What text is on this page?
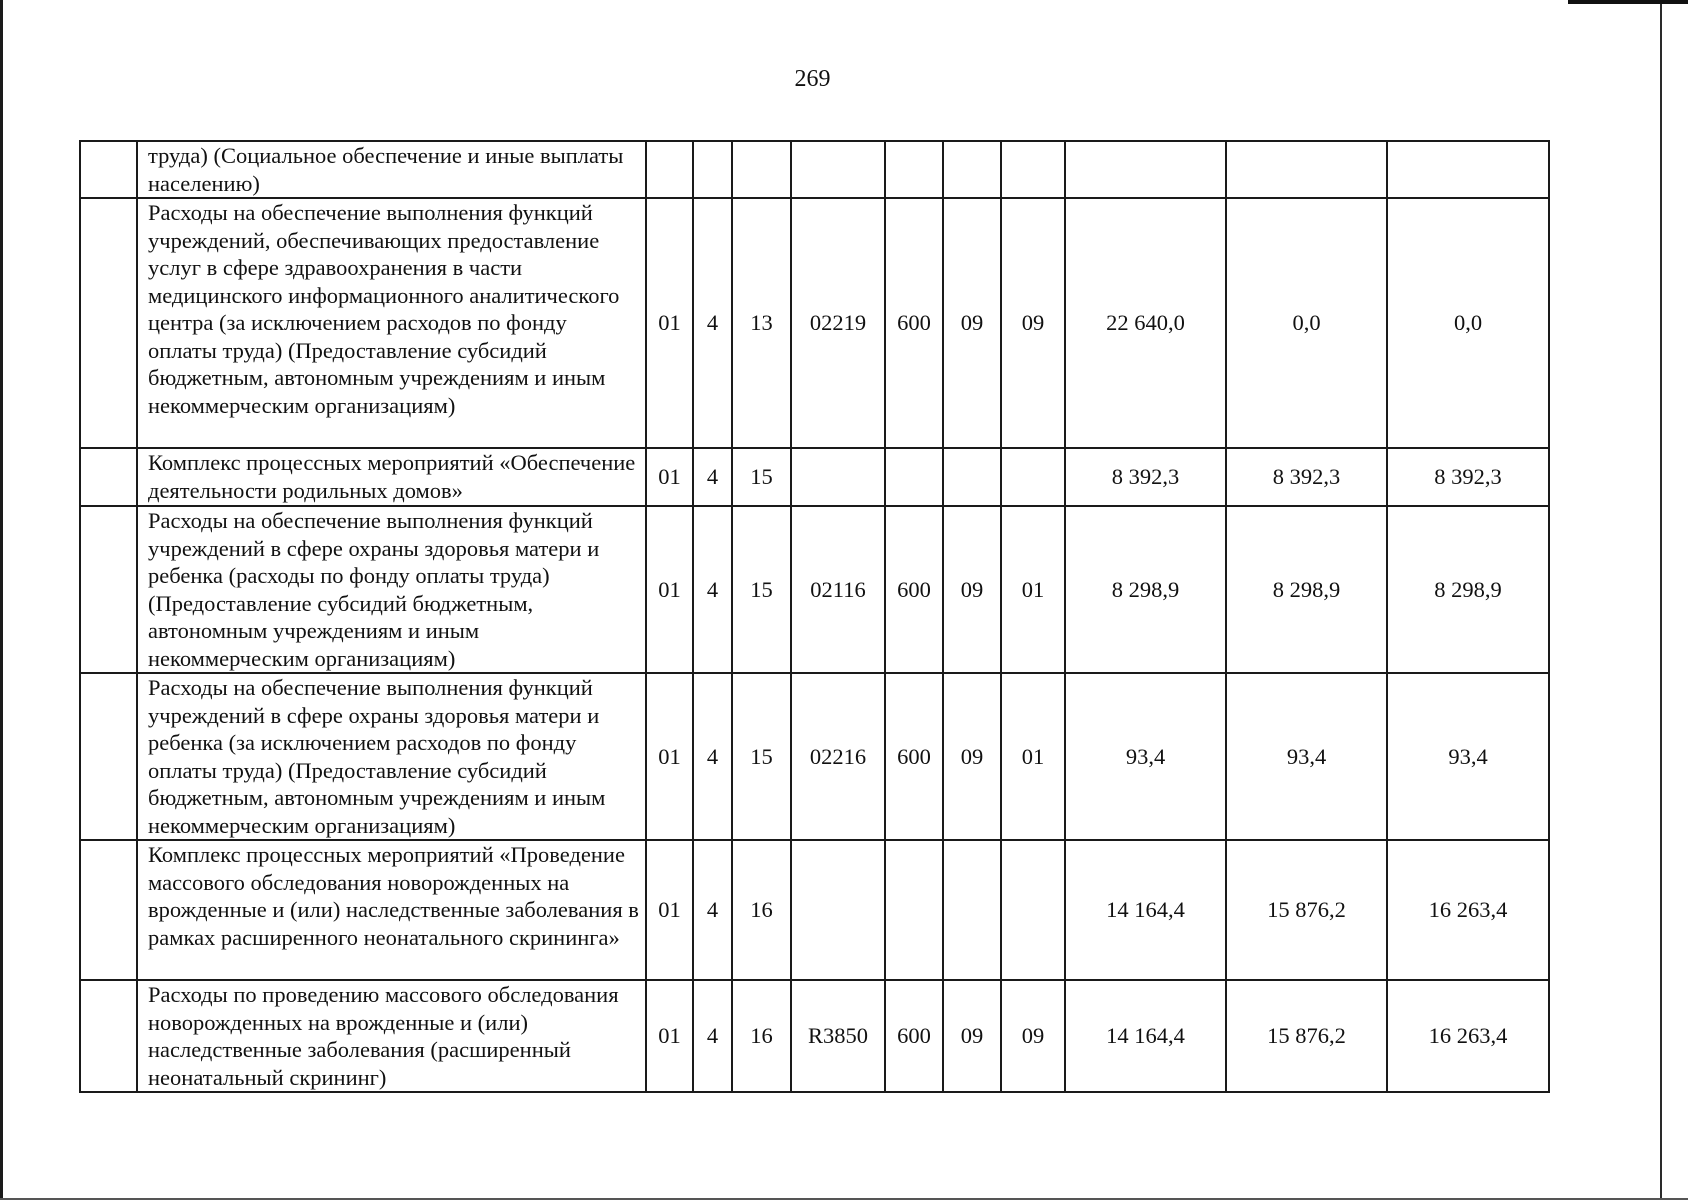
269
	труда) (Социальное обеспечение и иные выплаты населению)										
	Расходы на обеспечение выполнения функций учреждений, обеспечивающих предоставление услуг в сфере здравоохранения в части медицинского информационного аналитического центра (за исключением расходов по фонду оплаты труда) (Предоставление субсидий бюджетным, автономным учреждениям и иным некоммерческим организациям)	01	4	13	02219	600	09	09	22 640,0	0,0	0,0
	Комплекс процессных мероприятий «Обеспечение деятельности родильных домов»	01	4	15					8 392,3	8 392,3	8 392,3
	Расходы на обеспечение выполнения функций учреждений в сфере охраны здоровья матери и ребенка (расходы по фонду оплаты труда) (Предоставление субсидий бюджетным, автономным учреждениям и иным некоммерческим организациям)	01	4	15	02116	600	09	01	8 298,9	8 298,9	8 298,9
	Расходы на обеспечение выполнения функций учреждений в сфере охраны здоровья матери и ребенка (за исключением расходов по фонду оплаты труда) (Предоставление субсидий бюджетным, автономным учреждениям и иным некоммерческим организациям)	01	4	15	02216	600	09	01	93,4	93,4	93,4
	Комплекс процессных мероприятий «Проведение массового обследования новорожденных на врожденные и (или) наследственные заболевания в рамках расширенного неонатального скрининга»	01	4	16					14 164,4	15 876,2	16 263,4
	Расходы по проведению массового обследования новорожденных на врожденные и (или) наследственные заболевания (расширенный неонатальный скрининг)	01	4	16	R3850	600	09	09	14 164,4	15 876,2	16 263,4
